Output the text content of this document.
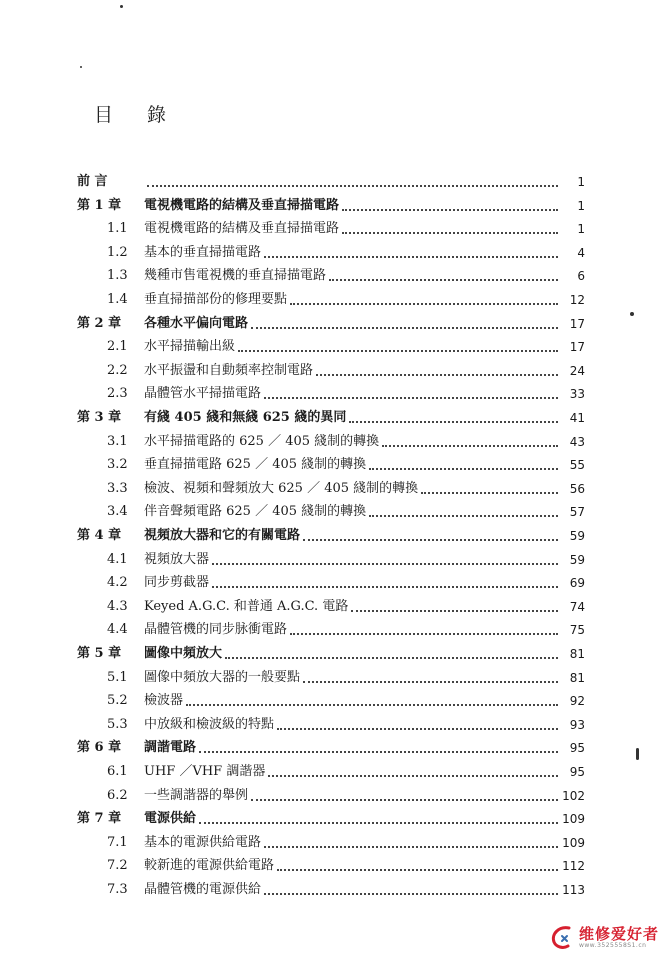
目 錄
前 言	1
第 1 章	電視機電路的結構及垂直掃描電路	1
1.1	電視機電路的結構及垂直掃描電路	1
1.2	基本的垂直掃描電路	4
1.3	幾種市售電視機的垂直掃描電路	6
1.4	垂直掃描部份的修理要點	12
第 2 章	各種水平偏向電路	17
2.1	水平掃描輸出級	17
2.2	水平振盪和自動頻率控制電路	24
2.3	晶體管水平掃描電路	33
第 3 章	有綫 405 綫和無綫 625 綫的異同	41
3.1	水平掃描電路的 625 ／ 405 綫制的轉換	43
3.2	垂直掃描電路 625 ／ 405 綫制的轉換	55
3.3	檢波、視頻和聲頻放大 625 ／ 405 綫制的轉換	56
3.4	伴音聲頻電路 625 ／ 405 綫制的轉換	57
第 4 章	視頻放大器和它的有關電路	59
4.1	視頻放大器	59
4.2	同步剪截器	69
4.3	Keyed A.G.C. 和普通 A.G.C. 電路	74
4.4	晶體管機的同步脉衝電路	75
第 5 章	圖像中頻放大	81
5.1	圖像中頻放大器的一般要點	81
5.2	檢波器	92
5.3	中放級和檢波級的特點	93
第 6 章	調諧電路	95
6.1	UHF ／VHF 調諧器	95
6.2	一些調諧器的舉例	102
第 7 章	電源供給	109
7.1	基本的電源供給電路	109
7.2	較新進的電源供給電路	112
7.3	晶體管機的電源供給	113
维修爱好者
www.3525558S1.cn
